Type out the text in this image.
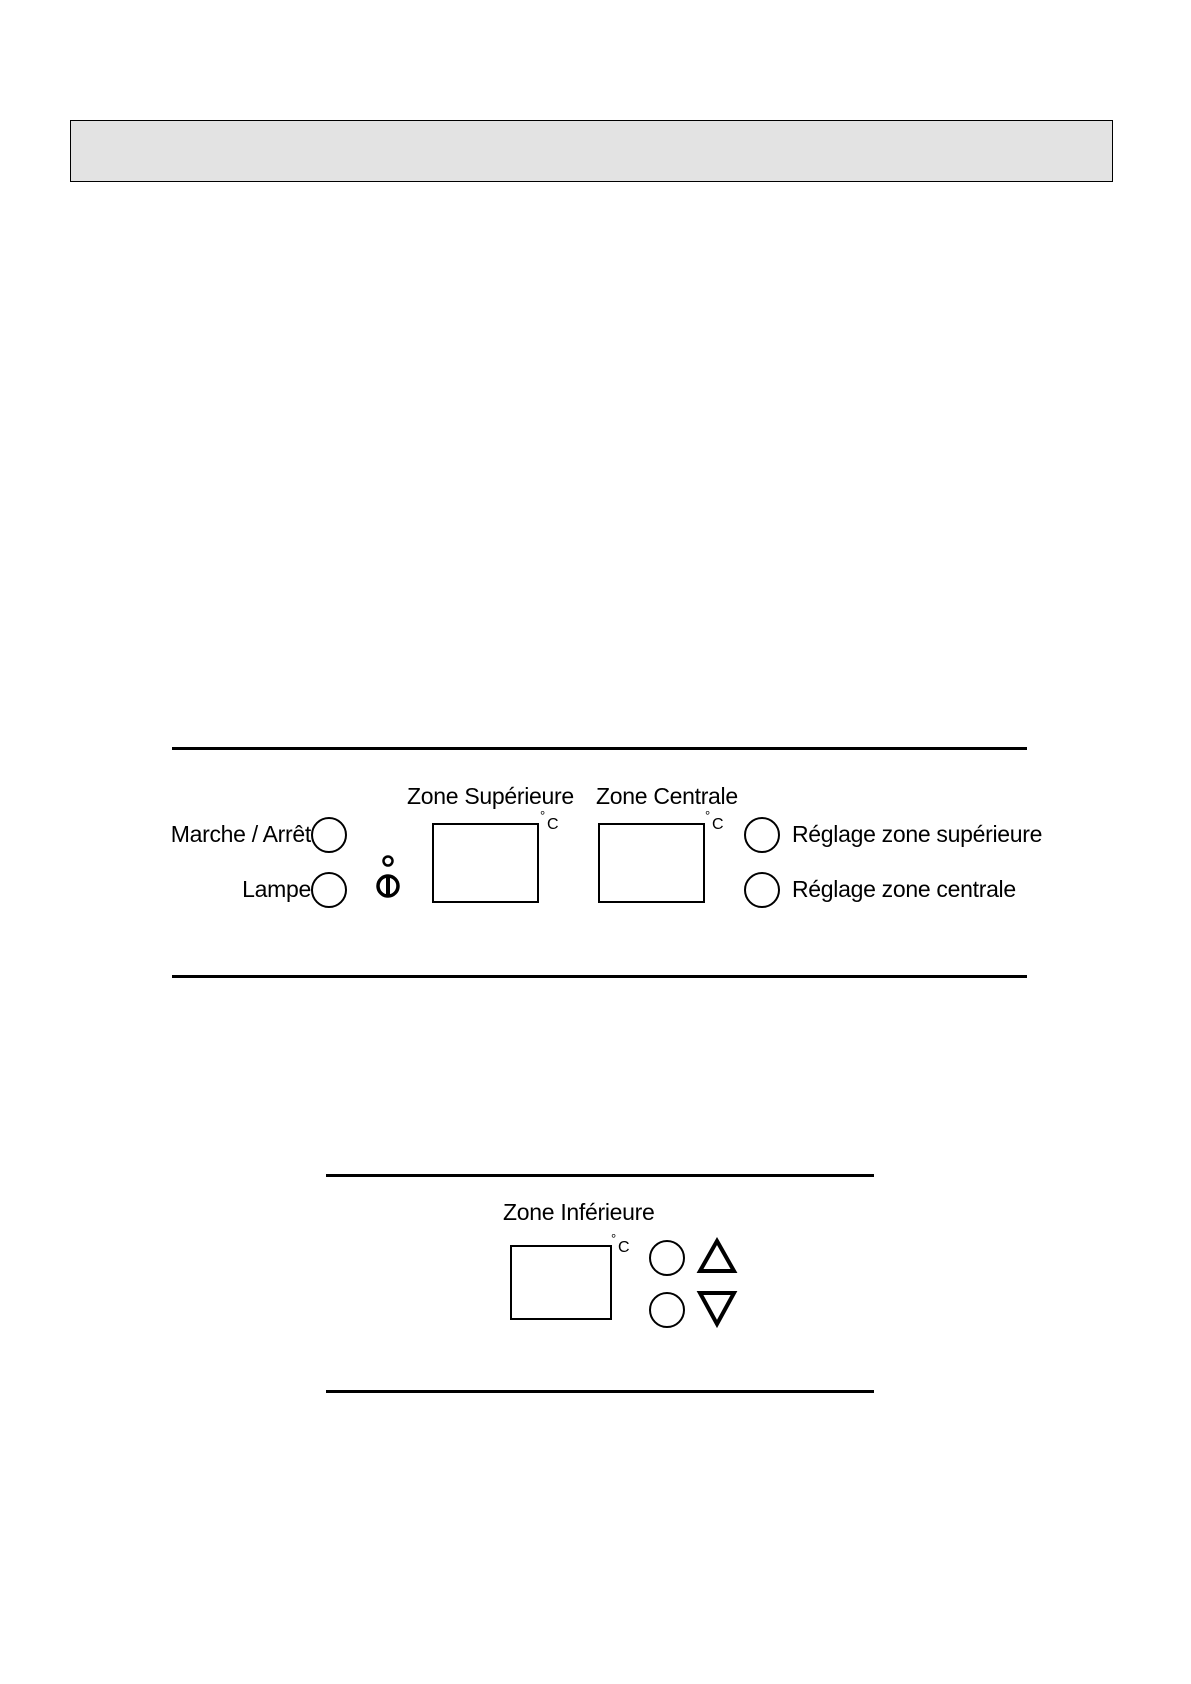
Zone Supérieure Zone Centrale
Marche / Arrêt
Lampe
°
C
°
C	Réglage zone supérieure
Réglage zone centrale
Zone Inférieure
°
C
